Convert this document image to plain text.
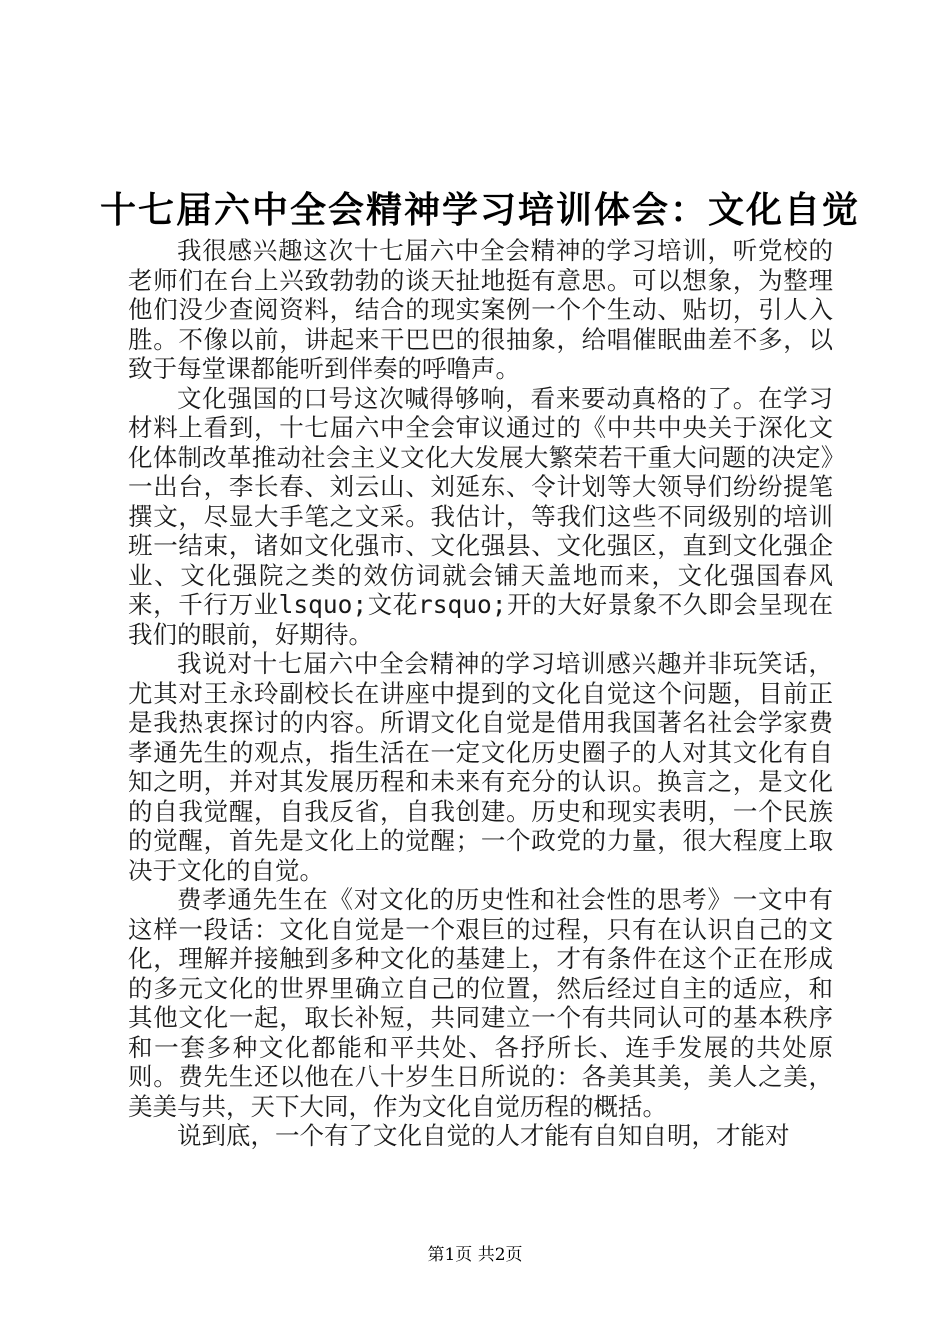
十七届六中全会精神学习培训体会：文化自觉

我很感兴趣这次十七届六中全会精神的学习培训，听党校的老师们在台上兴致勃勃的谈天扯地挺有意思。可以想象，为整理他们没少查阅资料，结合的现实案例一个个生动、贴切，引人入胜。不像以前，讲起来干巴巴的很抽象，给唱催眠曲差不多，以致于每堂课都能听到伴奏的呼噜声。

文化强国的口号这次喊得够响，看来要动真格的了。在学习材料上看到，十七届六中全会审议通过的《中共中央关于深化文化体制改革推动社会主义文化大发展大繁荣若干重大问题的决定》一出台，李长春、刘云山、刘延东、令计划等大领导们纷纷提笔撰文，尽显大手笔之文采。我估计，等我们这些不同级别的培训班一结束，诸如文化强市、文化强县、文化强区，直到文化强企业、文化强院之类的效仿词就会铺天盖地而来，文化强国春风来，千行万业lsquo;文花rsquo;开的大好景象不久即会呈现在我们的眼前，好期待。

我说对十七届六中全会精神的学习培训感兴趣并非玩笑话，尤其对王永玲副校长在讲座中提到的文化自觉这个问题，目前正是我热衷探讨的内容。所谓文化自觉是借用我国著名社会学家费孝通先生的观点，指生活在一定文化历史圈子的人对其文化有自知之明，并对其发展历程和未来有充分的认识。换言之，是文化的自我觉醒，自我反省，自我创建。历史和现实表明，一个民族的觉醒，首先是文化上的觉醒；一个政党的力量，很大程度上取决于文化的自觉。

费孝通先生在《对文化的历史性和社会性的思考》一文中有这样一段话：文化自觉是一个艰巨的过程，只有在认识自己的文化，理解并接触到多种文化的基建上，才有条件在这个正在形成的多元文化的世界里确立自己的位置，然后经过自主的适应，和其他文化一起，取长补短，共同建立一个有共同认可的基本秩序和一套多种文化都能和平共处、各抒所长、连手发展的共处原则。费先生还以他在八十岁生日所说的：各美其美，美人之美，美美与共，天下大同，作为文化自觉历程的概括。

说到底，一个有了文化自觉的人才能有自知自明，才能对

第1页 共2页
